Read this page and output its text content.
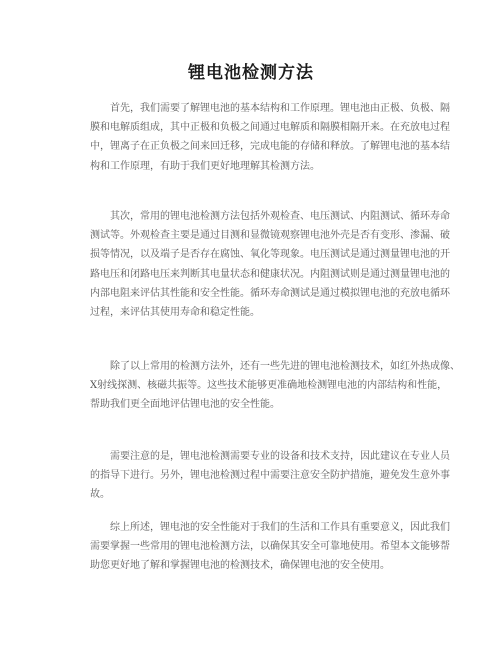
锂电池检测方法
首先，我们需要了解锂电池的基本结构和工作原理。锂电池由正极、负极、隔
膜和电解质组成，其中正极和负极之间通过电解质和隔膜相隔开来。在充放电过程
中，锂离子在正负极之间来回迁移，完成电能的存储和释放。了解锂电池的基本结
构和工作原理，有助于我们更好地理解其检测方法。
其次，常用的锂电池检测方法包括外观检查、电压测试、内阻测试、循环寿命
测试等。外观检查主要是通过目测和显微镜观察锂电池外壳是否有变形、渗漏、破
损等情况，以及端子是否存在腐蚀、氧化等现象。电压测试是通过测量锂电池的开
路电压和闭路电压来判断其电量状态和健康状况。内阻测试则是通过测量锂电池的
内部电阻来评估其性能和安全性能。循环寿命测试是通过模拟锂电池的充放电循环
过程，来评估其使用寿命和稳定性能。
除了以上常用的检测方法外，还有一些先进的锂电池检测技术，如红外热成像、
X射线探测、核磁共振等。这些技术能够更准确地检测锂电池的内部结构和性能，
帮助我们更全面地评估锂电池的安全性能。
需要注意的是，锂电池检测需要专业的设备和技术支持，因此建议在专业人员
的指导下进行。另外，锂电池检测过程中需要注意安全防护措施，避免发生意外事
故。
综上所述，锂电池的安全性能对于我们的生活和工作具有重要意义，因此我们
需要掌握一些常用的锂电池检测方法，以确保其安全可靠地使用。希望本文能够帮
助您更好地了解和掌握锂电池的检测技术，确保锂电池的安全使用。
